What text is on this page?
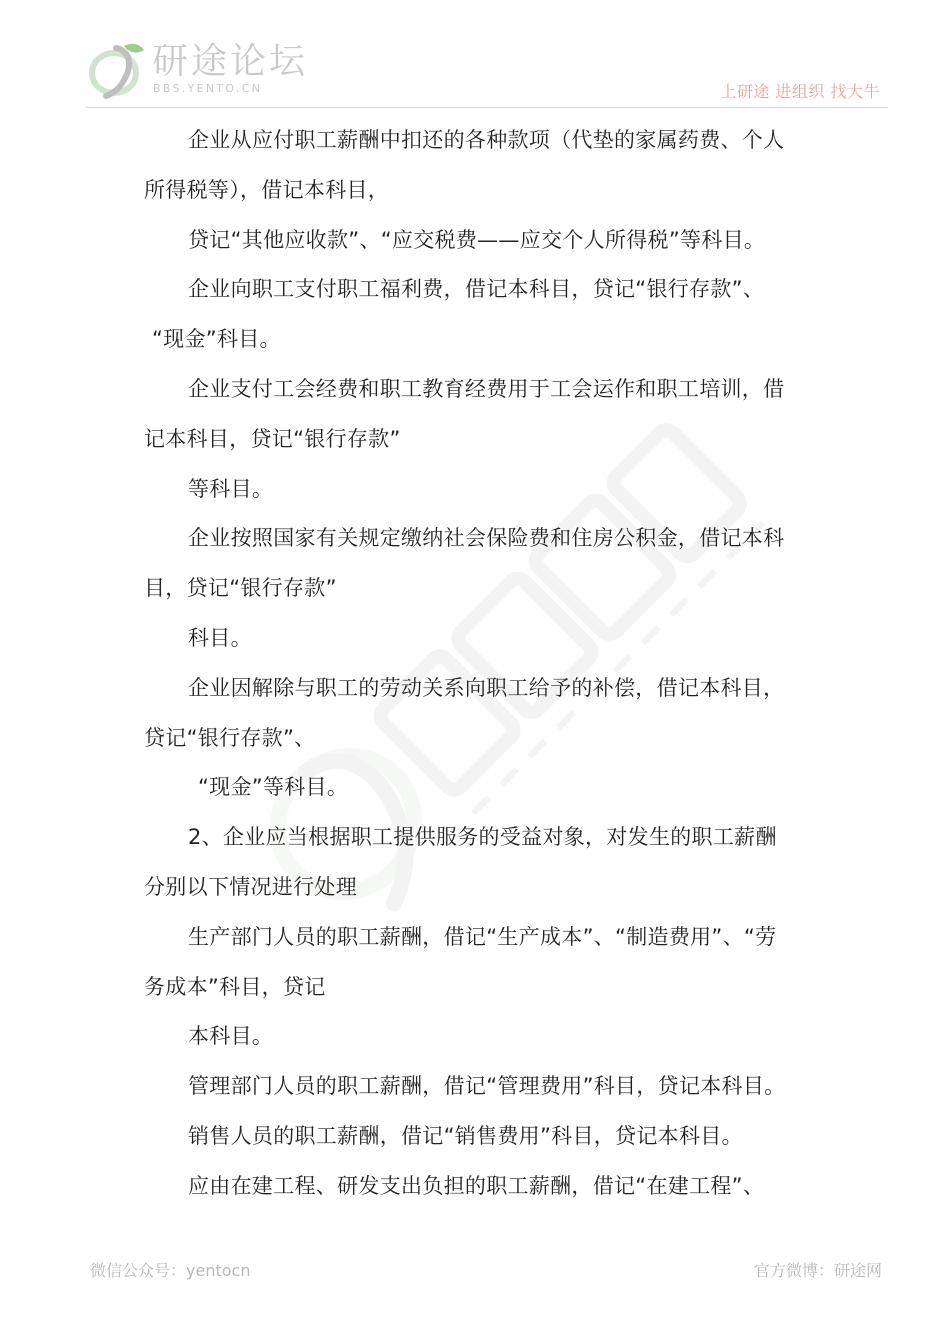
研途论坛
BBS.YENTO.CN	上研途 进组织 找大牛
企业从应付职工薪酬中扣还的各种款项（代垫的家属药费、个人
所得税等），借记本科目，
贷记“其他应收款”、“应交税费——应交个人所得税”等科目。
企业向职工支付职工福利费，借记本科目，贷记“银行存款”、
“现金”科目。
企业支付工会经费和职工教育经费用于工会运作和职工培训，借
记本科目，贷记“银行存款”
等科目。
企业按照国家有关规定缴纳社会保险费和住房公积金，借记本科
目，贷记“银行存款”
科目。
企业因解除与职工的劳动关系向职工给予的补偿，借记本科目，
贷记“银行存款”、
“现金”等科目。
2、企业应当根据职工提供服务的受益对象，对发生的职工薪酬
分别以下情况进行处理
生产部门人员的职工薪酬，借记“生产成本”、“制造费用”、“劳
务成本”科目，贷记
本科目。
管理部门人员的职工薪酬，借记“管理费用”科目，贷记本科目。
销售人员的职工薪酬，借记“销售费用”科目，贷记本科目。
应由在建工程、研发支出负担的职工薪酬，借记“在建工程”、
微信公众号：yentocn	官方微博：研途网
